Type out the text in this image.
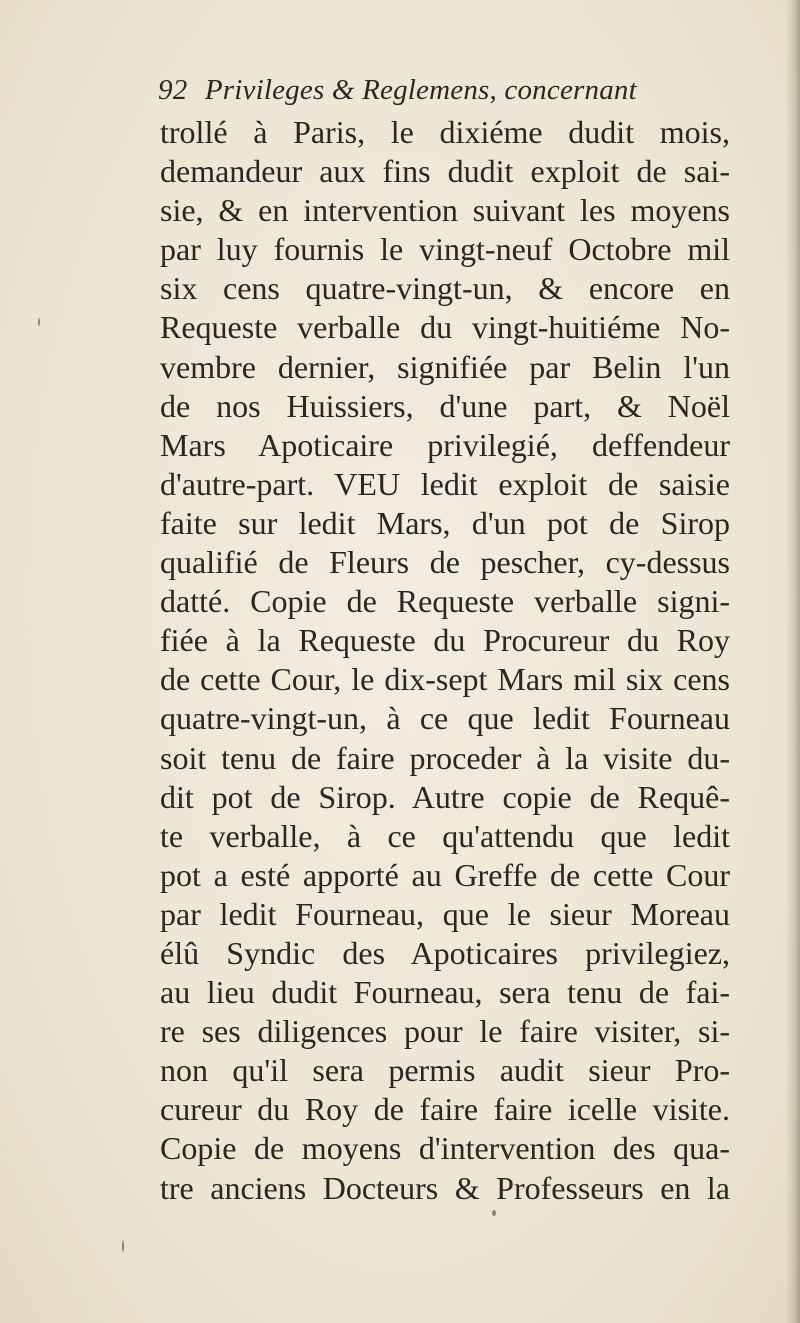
92 Privileges & Reglemens, concernant
trollé à Paris, le dixiéme dudit mois,
demandeur aux fins dudit exploit de sai-
sie, & en intervention suivant les moyens
par luy fournis le vingt-neuf Octobre mil
six cens quatre-vingt-un, & encore en
Requeste verballe du vingt-huitiéme No-
vembre dernier, signifiée par Belin l'un
de nos Huissiers, d'une part, & Noël
Mars Apoticaire privilegié, deffendeur
d'autre-part. VEU ledit exploit de saisie
faite sur ledit Mars, d'un pot de Sirop
qualifié de Fleurs de pescher, cy-dessus
datté. Copie de Requeste verballe signi-
fiée à la Requeste du Procureur du Roy
de cette Cour, le dix-sept Mars mil six cens
quatre-vingt-un, à ce que ledit Fourneau
soit tenu de faire proceder à la visite du-
dit pot de Sirop. Autre copie de Requê-
te verballe, à ce qu'attendu que ledit
pot a esté apporté au Greffe de cette Cour
par ledit Fourneau, que le sieur Moreau
élû Syndic des Apoticaires privilegiez,
au lieu dudit Fourneau, sera tenu de fai-
re ses diligences pour le faire visiter, si-
non qu'il sera permis audit sieur Pro-
cureur du Roy de faire faire icelle visite.
Copie de moyens d'intervention des qua-
tre anciens Docteurs & Professeurs en la
